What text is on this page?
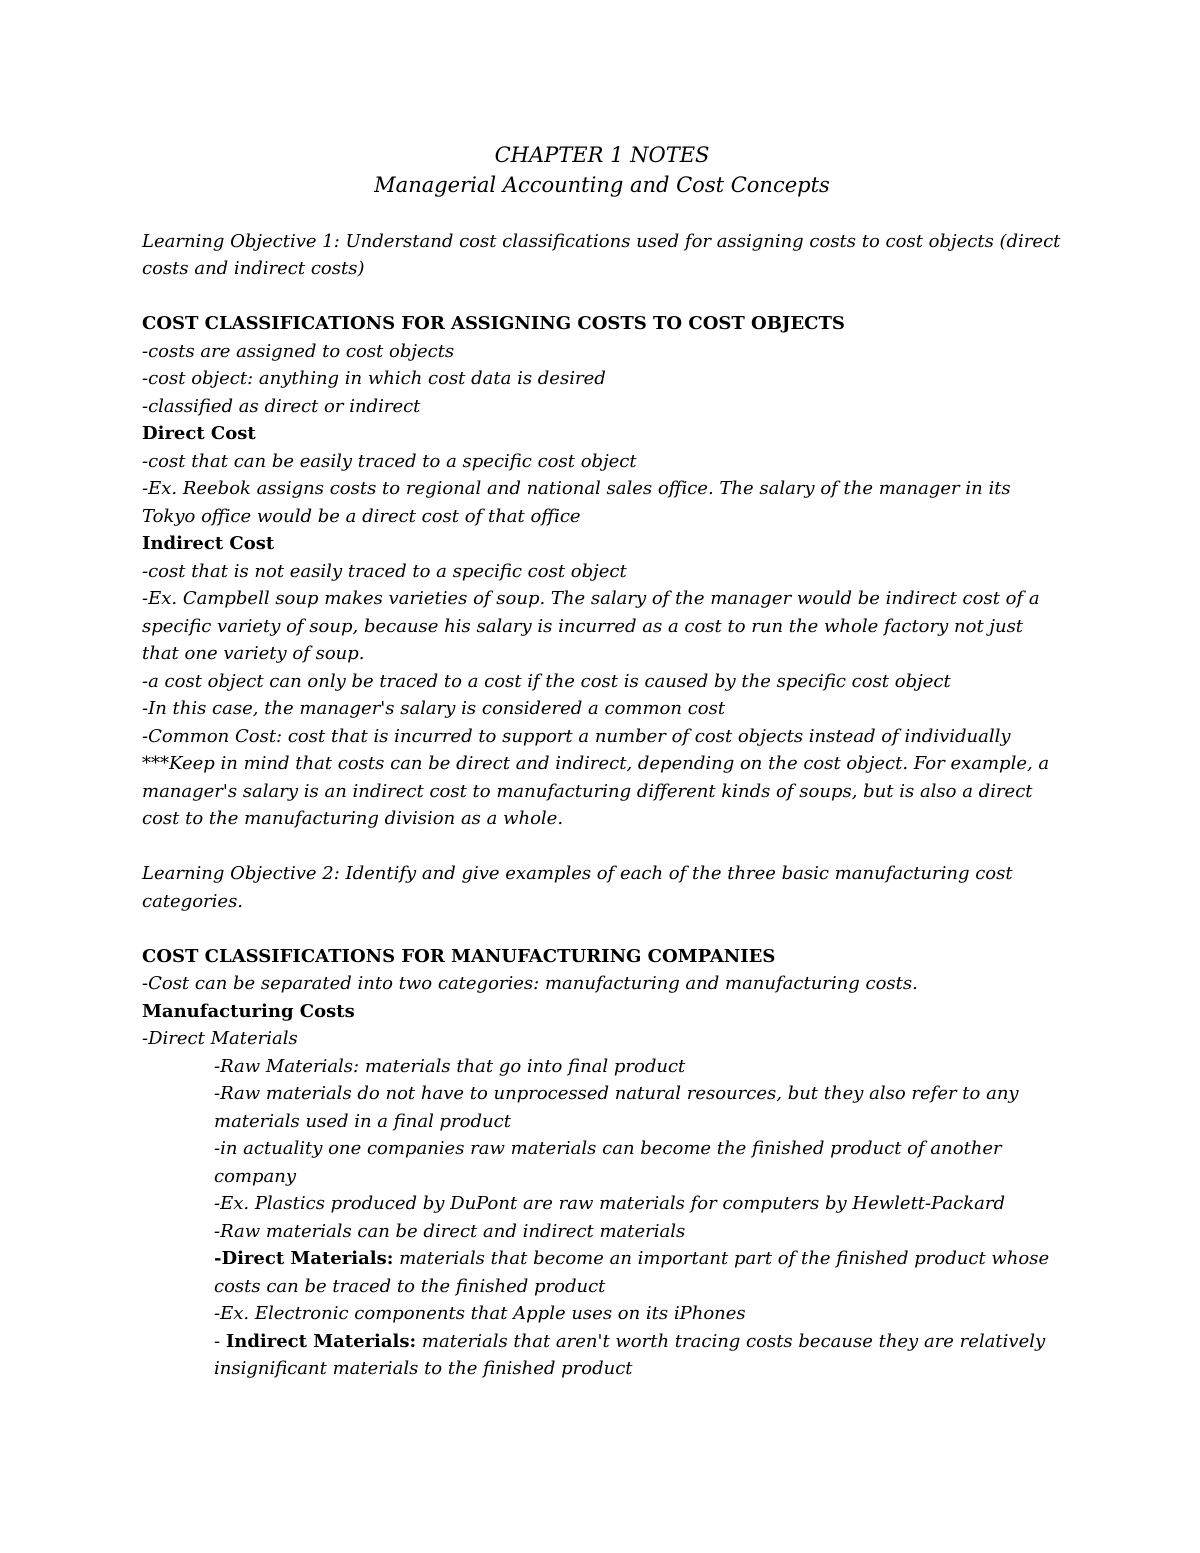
CHAPTER 1 NOTES

Managerial Accounting and Cost Concepts

Learning Objective 1: Understand cost classifications used for assigning costs to cost objects (direct costs and indirect costs)

COST CLASSIFICATIONS FOR ASSIGNING COSTS TO COST OBJECTS

-costs are assigned to cost objects

-cost object: anything in which cost data is desired

-classified as direct or indirect

Direct Cost

-cost that can be easily traced to a specific cost object

-Ex. Reebok assigns costs to regional and national sales office. The salary of the manager in its Tokyo office would be a direct cost of that office

Indirect Cost

-cost that is not easily traced to a specific cost object

-Ex. Campbell soup makes varieties of soup. The salary of the manager would be indirect cost of a specific variety of soup, because his salary is incurred as a cost to run the whole factory not just that one variety of soup.

-a cost object can only be traced to a cost if the cost is caused by the specific cost object

-In this case, the manager's salary is considered a common cost

-Common Cost: cost that is incurred to support a number of cost objects instead of individually

***Keep in mind that costs can be direct and indirect, depending on the cost object. For example, a manager's salary is an indirect cost to manufacturing different kinds of soups, but is also a direct cost to the manufacturing division as a whole.

Learning Objective 2: Identify and give examples of each of the three basic manufacturing cost categories.

COST CLASSIFICATIONS FOR MANUFACTURING COMPANIES

-Cost can be separated into two categories: manufacturing and manufacturing costs.

Manufacturing Costs

-Direct Materials

-Raw Materials: materials that go into final product

-Raw materials do not have to unprocessed natural resources, but they also refer to any materials used in a final product

-in actuality one companies raw materials can become the finished product of another company

-Ex. Plastics produced by DuPont are raw materials for computers by Hewlett-Packard

-Raw materials can be direct and indirect materials

-Direct Materials: materials that become an important part of the finished product whose costs can be traced to the finished product

-Ex. Electronic components that Apple uses on its iPhones

- Indirect Materials: materials that aren't worth tracing costs because they are relatively insignificant materials to the finished product
